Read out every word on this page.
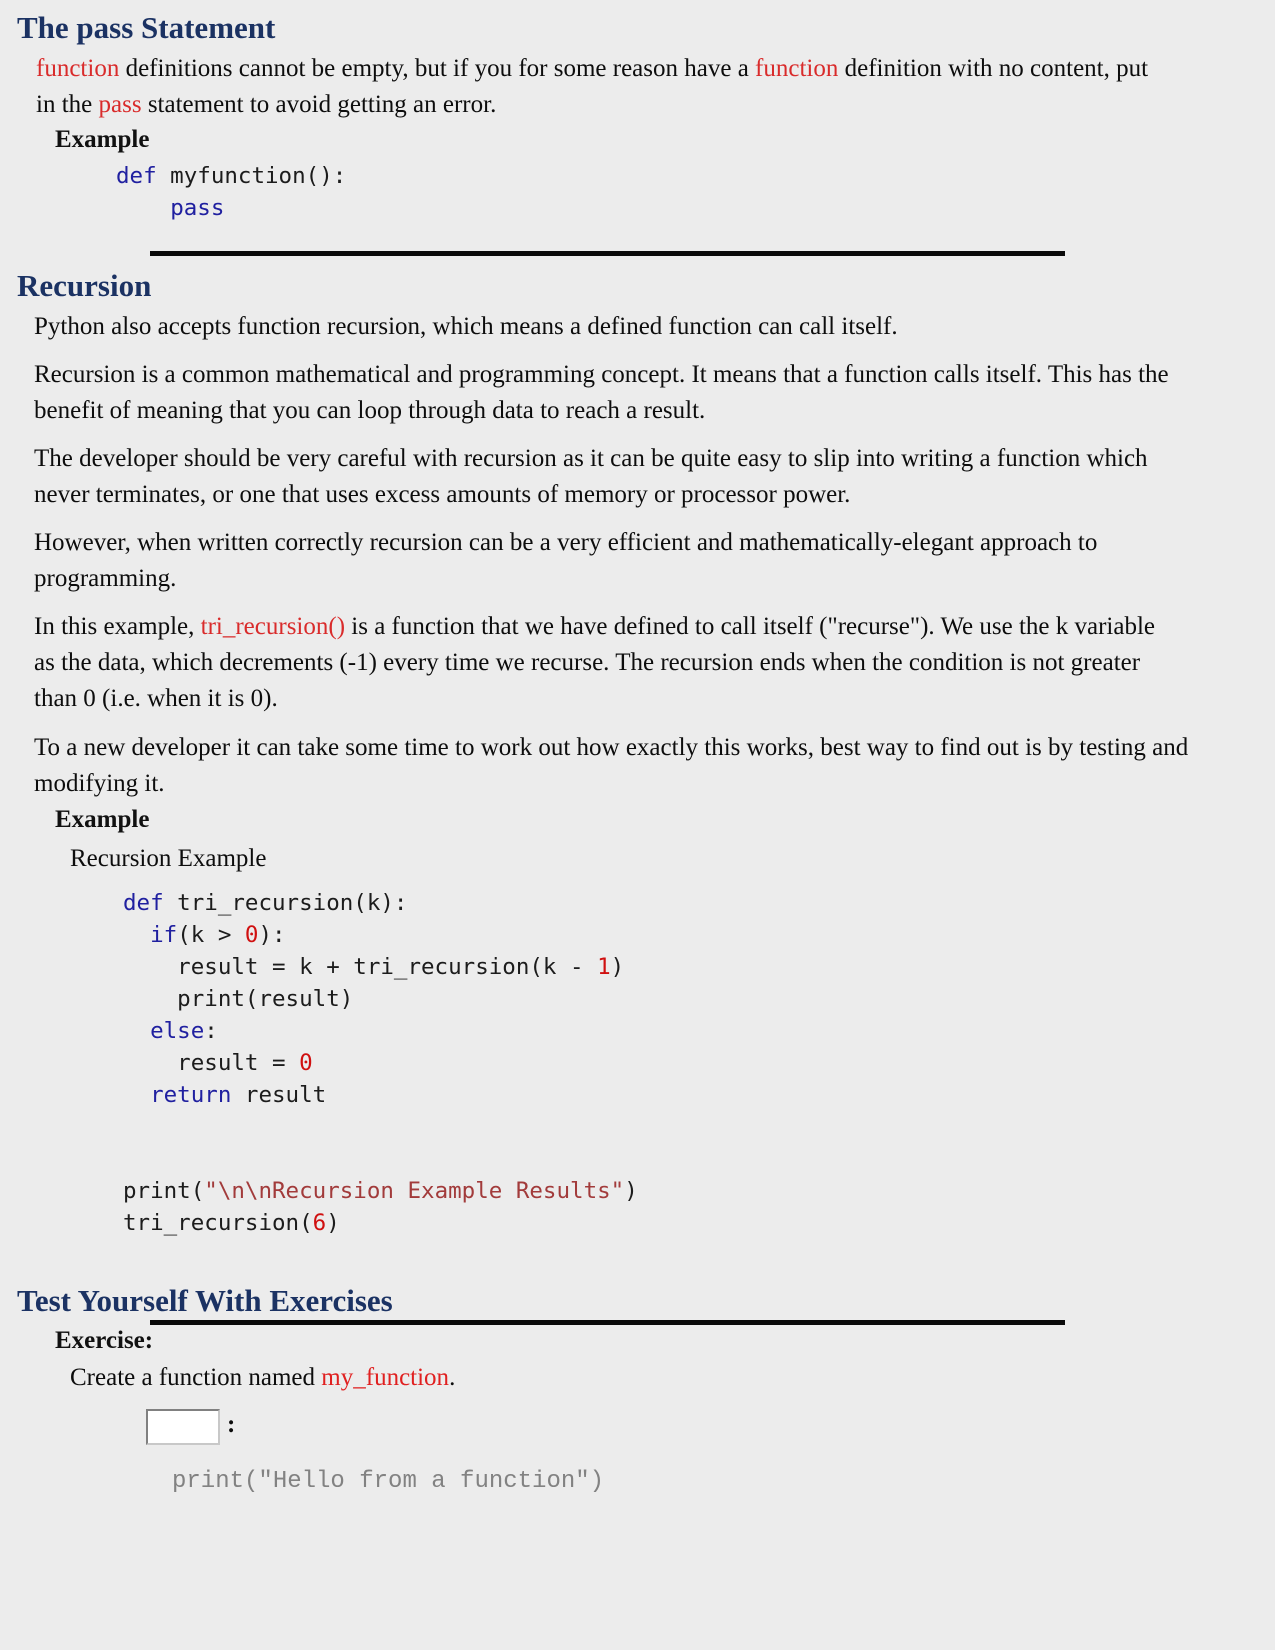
The pass Statement

function definitions cannot be empty, but if you for some reason have a function definition with no content, put in the pass statement to avoid getting an error.

Example
def myfunction():
pass
Recursion

Python also accepts function recursion, which means a defined function can call itself.

Recursion is a common mathematical and programming concept. It means that a function calls itself. This has the benefit of meaning that you can loop through data to reach a result.

The developer should be very careful with recursion as it can be quite easy to slip into writing a function which never terminates, or one that uses excess amounts of memory or processor power.

However, when written correctly recursion can be a very efficient and mathematically-elegant approach to programming.

In this example, tri_recursion() is a function that we have defined to call itself ("recurse"). We use the k variable as the data, which decrements (-1) every time we recurse. The recursion ends when the condition is not greater than 0 (i.e. when it is 0).

To a new developer it can take some time to work out how exactly this works, best way to find out is by testing and modifying it.

Example
Recursion Example
def tri_recursion(k):
if(k > 0):
result = k + tri_recursion(k - 1)
print(result)
else:
result = 0
return result

print("\n\nRecursion Example Results")
tri_recursion(6)
Test Yourself With Exercises
Exercise:
Create a function named my_function.
:
print("Hello from a function")
